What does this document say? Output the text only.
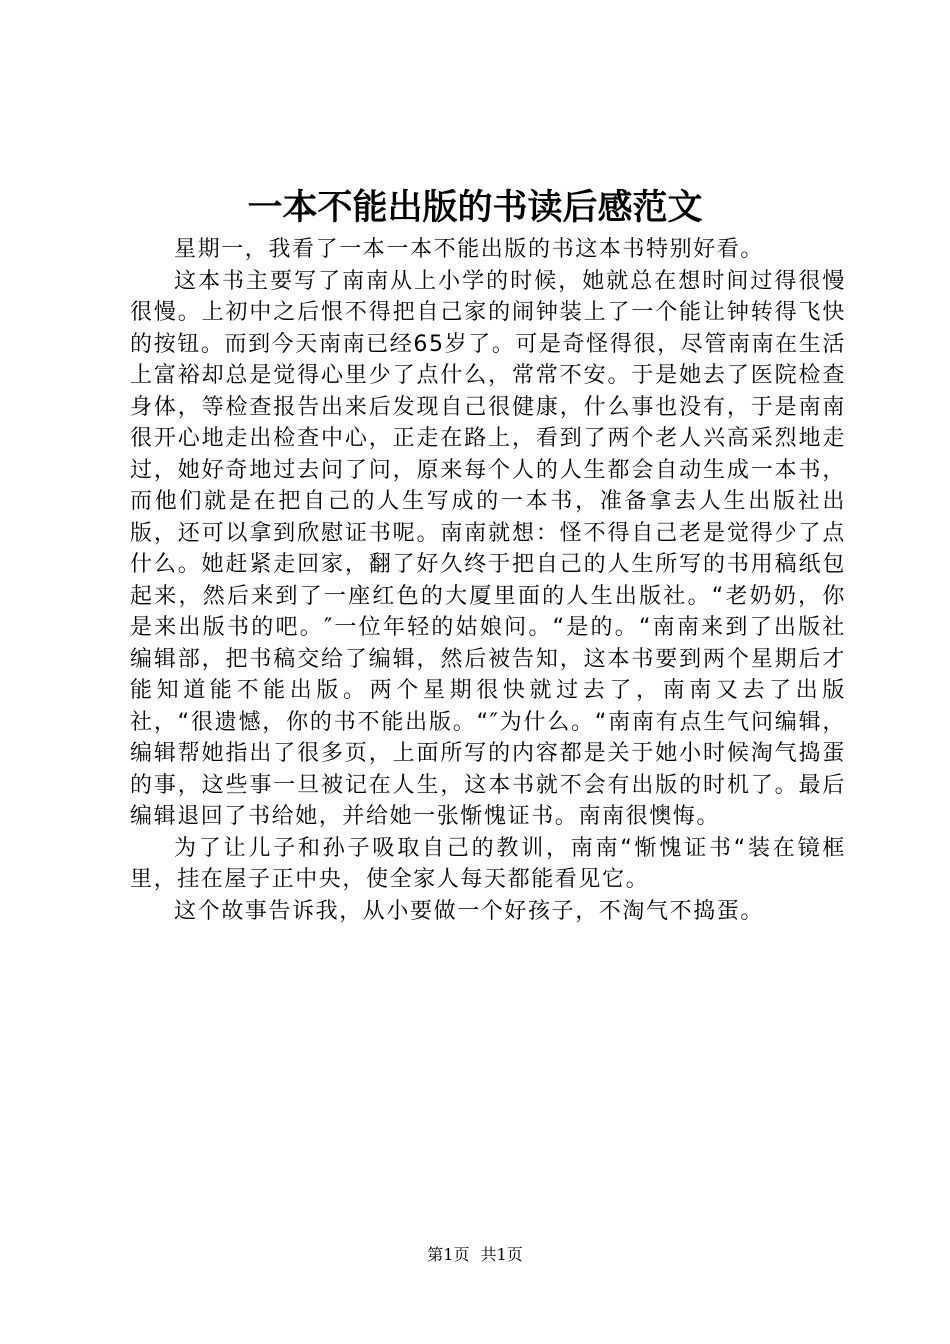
一本不能出版的书读后感范文

星期一，我看了一本一本不能出版的书这本书特别好看。

这本书主要写了南南从上小学的时候，她就总在想时间过得很慢很慢。上初中之后恨不得把自己家的闹钟装上了一个能让钟转得飞快的按钮。而到今天南南已经65岁了。可是奇怪得很，尽管南南在生活上富裕却总是觉得心里少了点什么，常常不安。于是她去了医院检查身体，等检查报告出来后发现自己很健康，什么事也没有，于是南南很开心地走出检查中心，正走在路上，看到了两个老人兴高采烈地走过，她好奇地过去问了问，原来每个人的人生都会自动生成一本书，而他们就是在把自己的人生写成的一本书，准备拿去人生出版社出版，还可以拿到欣慰证书呢。南南就想：怪不得自己老是觉得少了点什么。她赶紧走回家，翻了好久终于把自己的人生所写的书用稿纸包起来，然后来到了一座红色的大厦里面的人生出版社。“老奶奶，你是来出版书的吧。″一位年轻的姑娘问。“是的。“南南来到了出版社编辑部，把书稿交给了编辑，然后被告知，这本书要到两个星期后才能知道能不能出版。两个星期很快就过去了，南南又去了出版社，“很遗憾，你的书不能出版。“″为什么。“南南有点生气问编辑，编辑帮她指出了很多页，上面所写的内容都是关于她小时候淘气捣蛋的事，这些事一旦被记在人生，这本书就不会有出版的时机了。最后编辑退回了书给她，并给她一张惭愧证书。南南很懊悔。

为了让儿子和孙子吸取自己的教训，南南“惭愧证书“装在镜框里，挂在屋子正中央，使全家人每天都能看见它。

这个故事告诉我，从小要做一个好孩子，不淘气不捣蛋。

第1页 共1页
